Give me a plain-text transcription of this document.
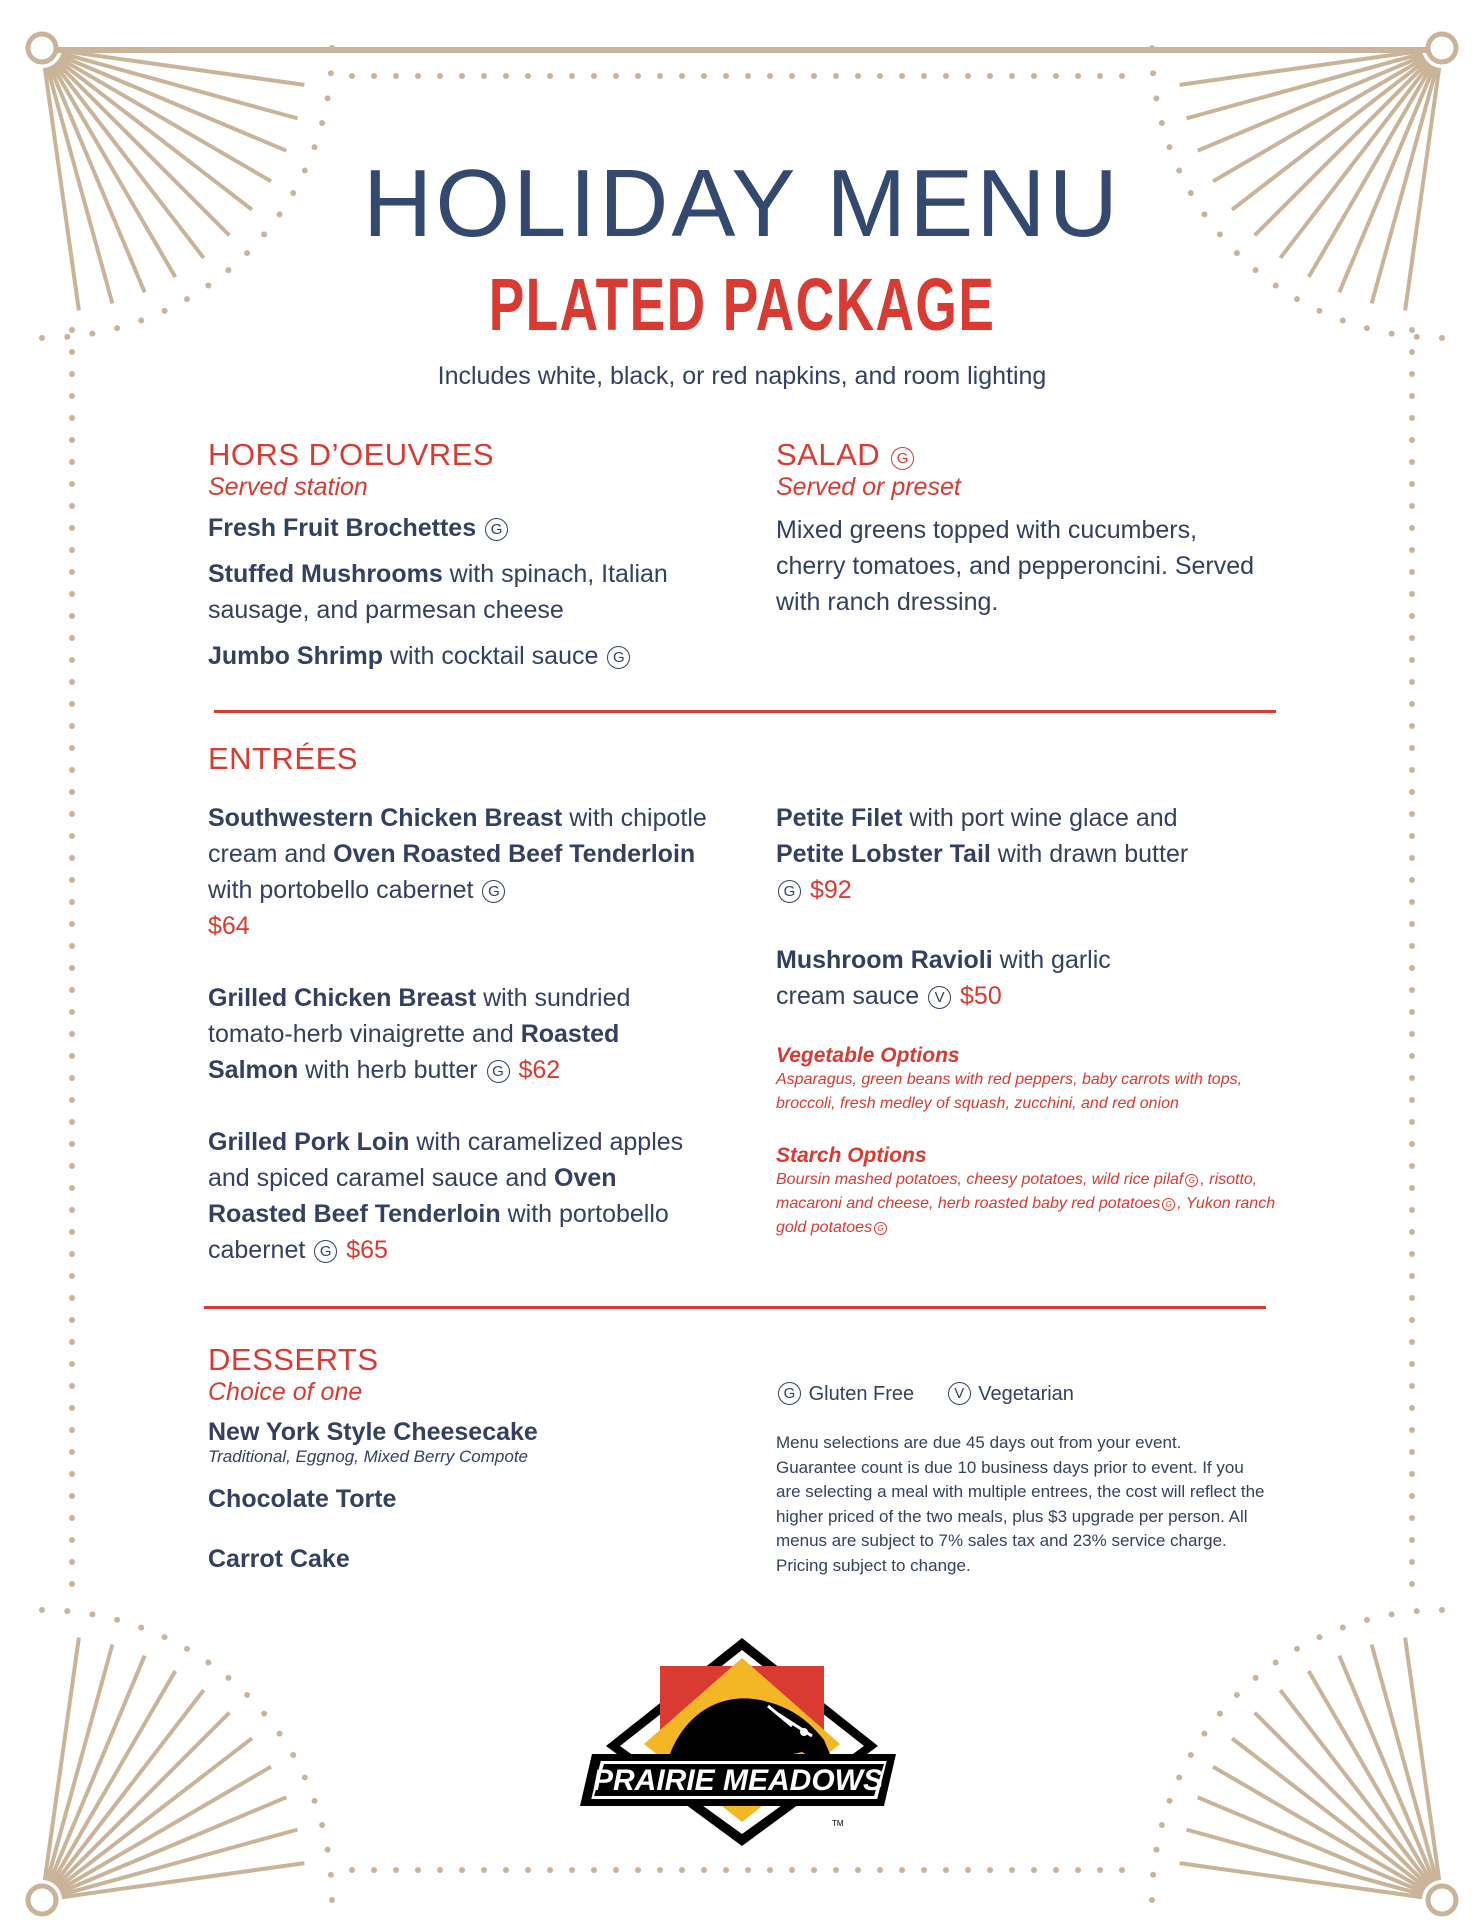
HOLIDAY MENU
PLATED PACKAGE
Includes white, black, or red napkins, and room lighting
HORS D’OEUVRES
Served station
Fresh Fruit Brochettes G
Stuffed Mushrooms with spinach, Italian sausage, and parmesan cheese
Jumbo Shrimp with cocktail sauce G
SALAD G
Served or preset
Mixed greens topped with cucumbers, cherry tomatoes, and pepperoncini. Served with ranch dressing.
ENTRÉES
Southwestern Chicken Breast with chipotle cream and Oven Roasted Beef Tenderloin with portobello cabernet G
$64
Grilled Chicken Breast with sundried tomato-herb vinaigrette and Roasted Salmon with herb butter G $62
Grilled Pork Loin with caramelized apples and spiced caramel sauce and Oven Roasted Beef Tenderloin with portobello cabernet G $65
Petite Filet with port wine glace and Petite Lobster Tail with drawn butter
G $92
Mushroom Ravioli with garlic cream sauce V $50
Vegetable Options
Asparagus, green beans with red peppers, baby carrots with tops, broccoli, fresh medley of squash, zucchini, and red onion
Starch Options
Boursin mashed potatoes, cheesy potatoes, wild rice pilaf G , risotto, macaroni and cheese, herb roasted baby red potatoes G , Yukon ranch gold potatoes G
DESSERTS
Choice of one
New York Style Cheesecake
Traditional, Eggnog, Mixed Berry Compote
Chocolate Torte
Carrot Cake
G Gluten Free	V Vegetarian
Menu selections are due 45 days out from your event. Guarantee count is due 10 business days prior to event. If you are selecting a meal with multiple entrees, the cost will reflect the higher priced of the two meals, plus $3 upgrade per person. All menus are subject to 7% sales tax and 23% service charge. Pricing subject to change.
PRAIRIE MEADOWS
TM
